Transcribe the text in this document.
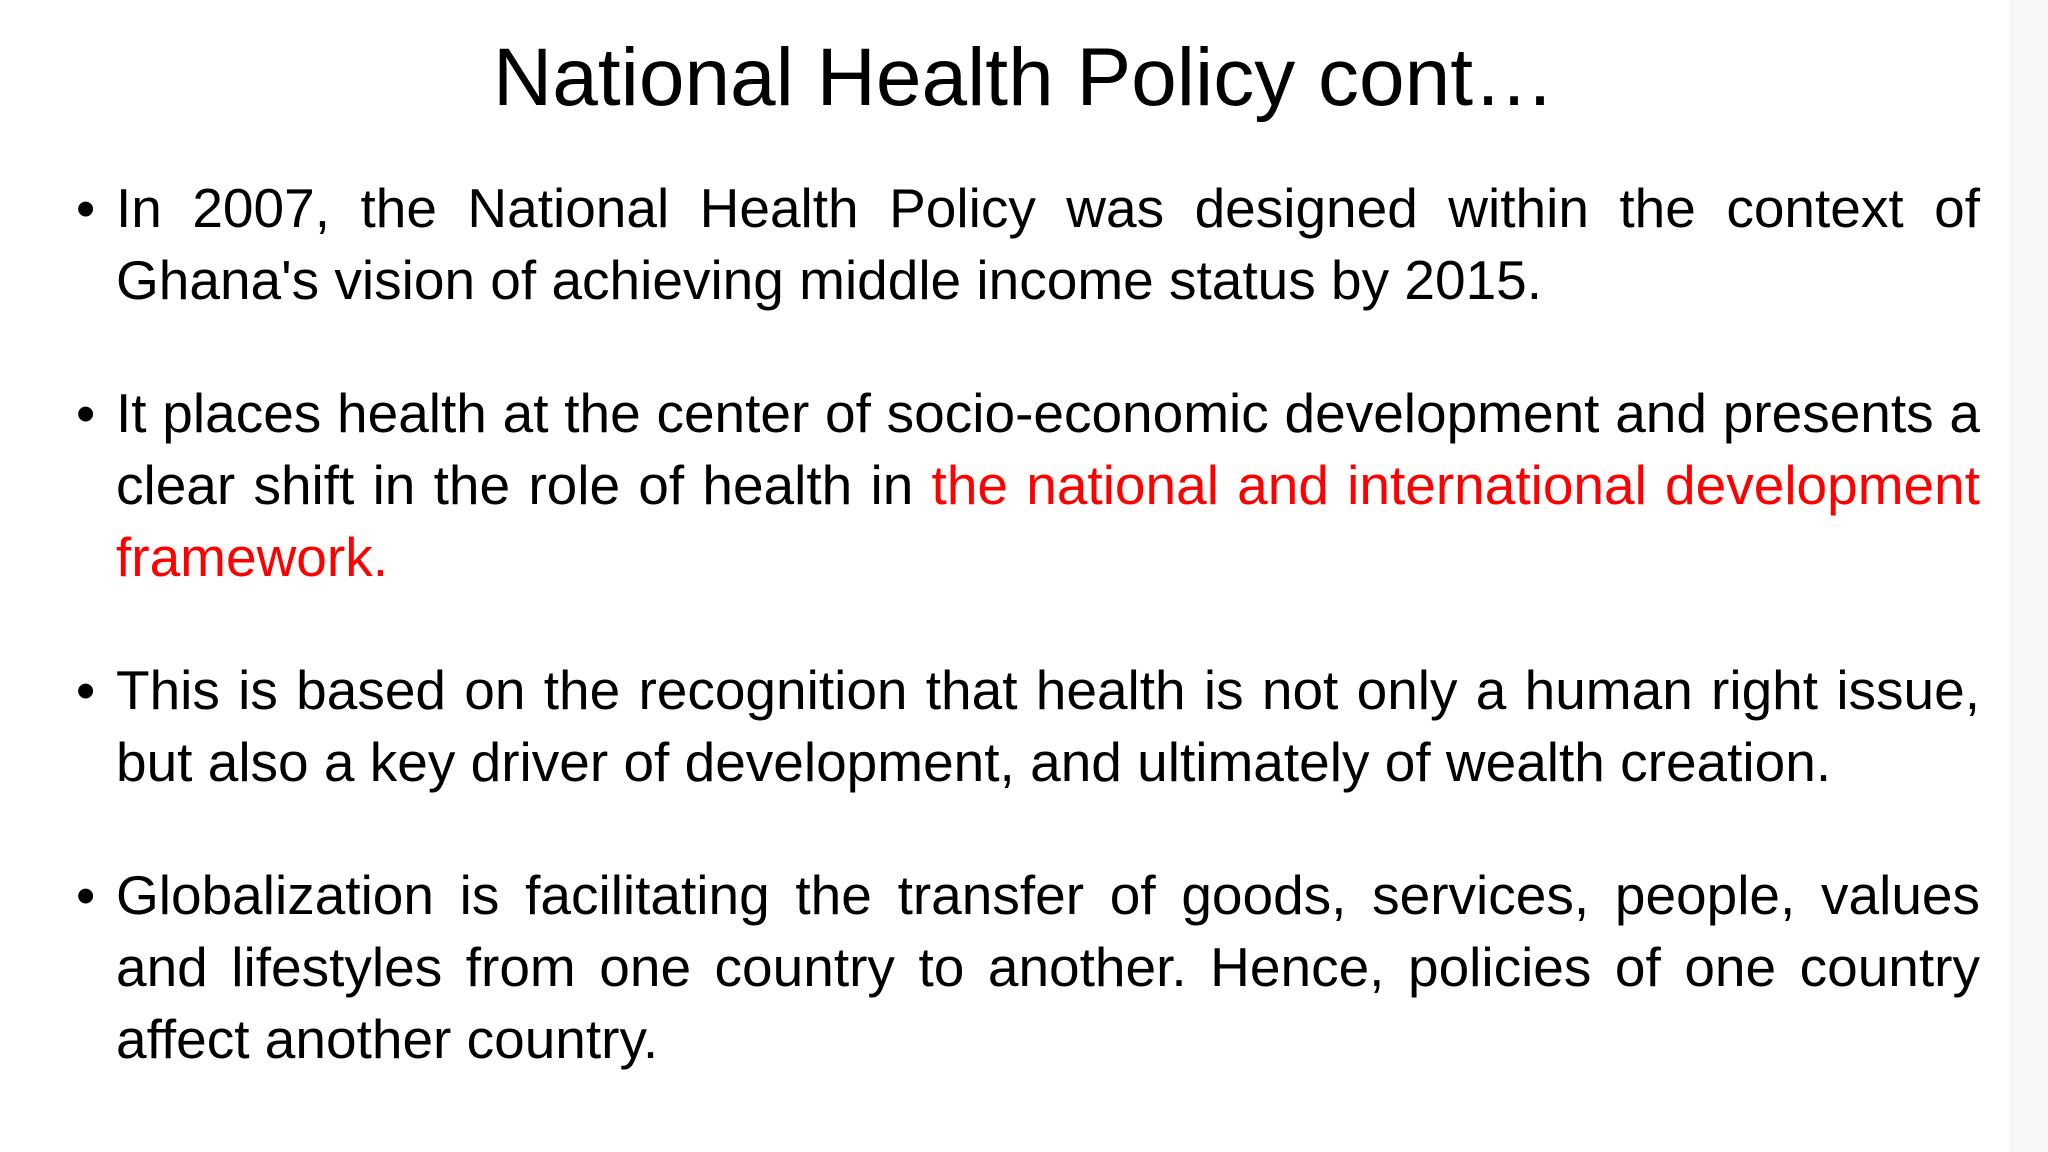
National Health Policy cont…
• In 2007, the National Health Policy was designed within the context of Ghana's vision of achieving middle income status by 2015.
• It places health at the center of socio-economic development and presents a clear shift in the role of health in the national and international development framework.
• This is based on the recognition that health is not only a human right issue, but also a key driver of development, and ultimately of wealth creation.
• Globalization is facilitating the transfer of goods, services, people, values and lifestyles from one country to another. Hence, policies of one country affect another country.
